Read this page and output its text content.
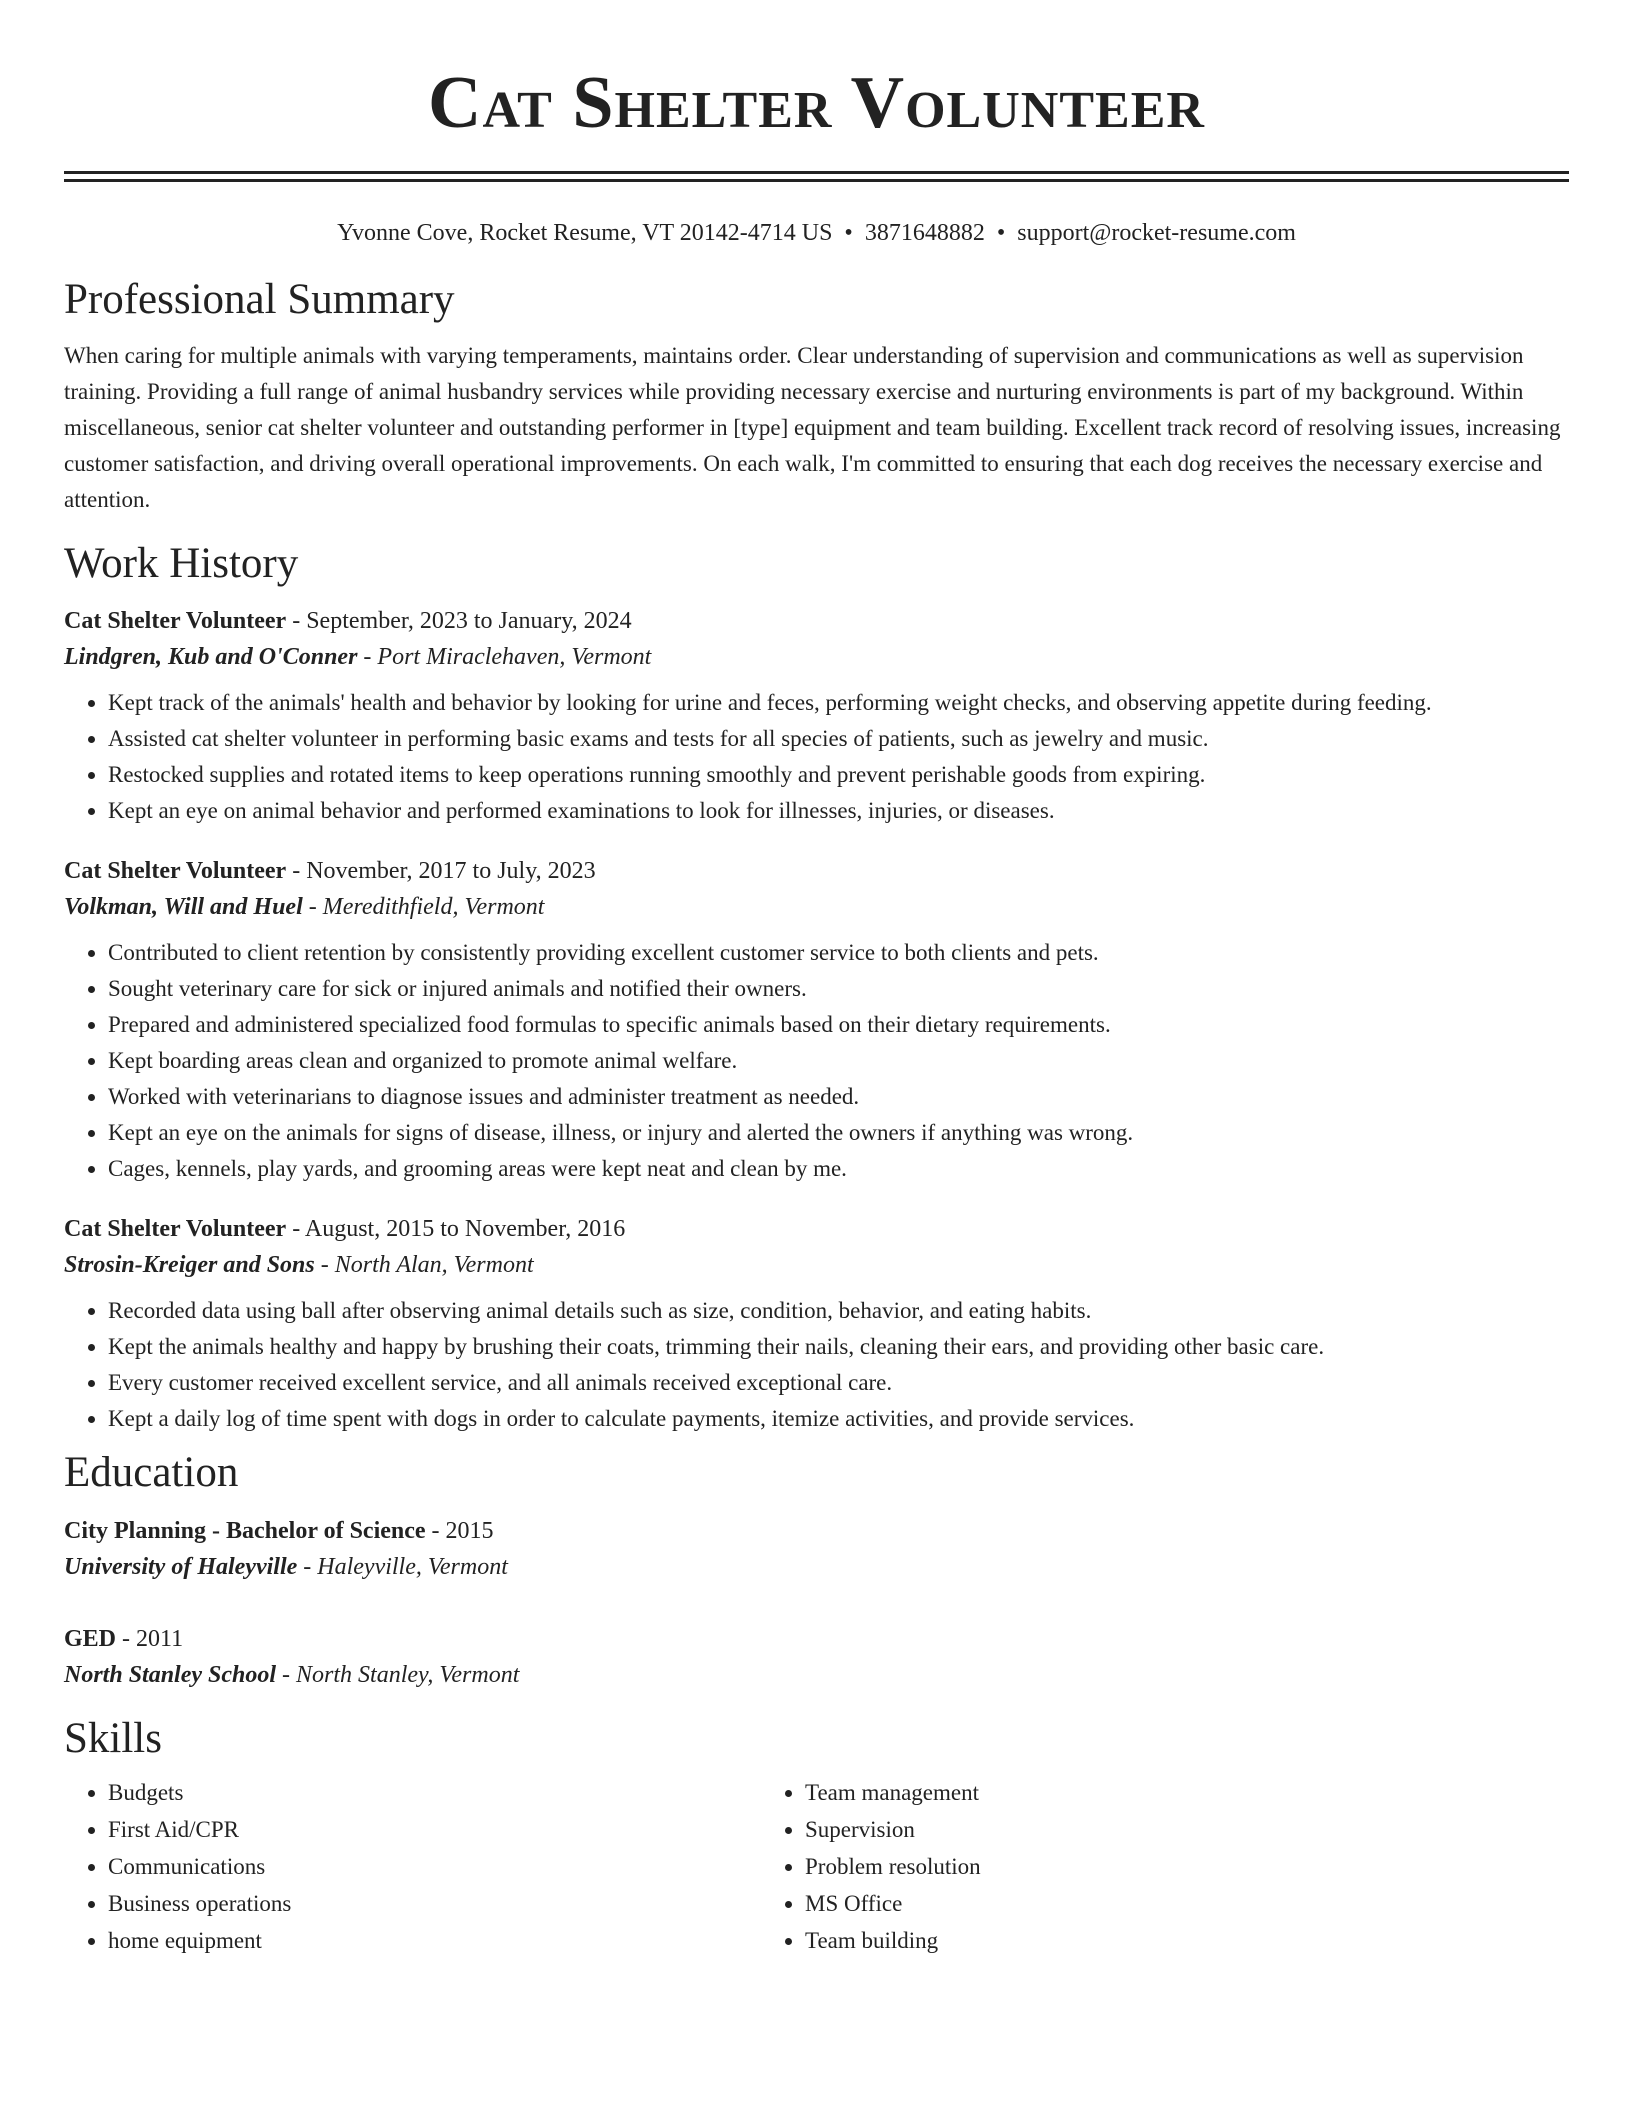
Cat Shelter Volunteer
Yvonne Cove, Rocket Resume, VT 20142-4714 US • 3871648882 • support@rocket-resume.com
Professional Summary

When caring for multiple animals with varying temperaments, maintains order. Clear understanding of supervision and communications as well as supervision training. Providing a full range of animal husbandry services while providing necessary exercise and nurturing environments is part of my background. Within miscellaneous, senior cat shelter volunteer and outstanding performer in [type] equipment and team building. Excellent track record of resolving issues, increasing customer satisfaction, and driving overall operational improvements. On each walk, I'm committed to ensuring that each dog receives the necessary exercise and attention.

Work History
Cat Shelter Volunteer - September, 2023 to January, 2024
Lindgren, Kub and O'Conner - Port Miraclehaven, Vermont
• Kept track of the animals' health and behavior by looking for urine and feces, performing weight checks, and observing appetite during feeding.
• Assisted cat shelter volunteer in performing basic exams and tests for all species of patients, such as jewelry and music.
• Restocked supplies and rotated items to keep operations running smoothly and prevent perishable goods from expiring.
• Kept an eye on animal behavior and performed examinations to look for illnesses, injuries, or diseases.
Cat Shelter Volunteer - November, 2017 to July, 2023
Volkman, Will and Huel - Meredithfield, Vermont
• Contributed to client retention by consistently providing excellent customer service to both clients and pets.
• Sought veterinary care for sick or injured animals and notified their owners.
• Prepared and administered specialized food formulas to specific animals based on their dietary requirements.
• Kept boarding areas clean and organized to promote animal welfare.
• Worked with veterinarians to diagnose issues and administer treatment as needed.
• Kept an eye on the animals for signs of disease, illness, or injury and alerted the owners if anything was wrong.
• Cages, kennels, play yards, and grooming areas were kept neat and clean by me.
Cat Shelter Volunteer - August, 2015 to November, 2016
Strosin-Kreiger and Sons - North Alan, Vermont
• Recorded data using ball after observing animal details such as size, condition, behavior, and eating habits.
• Kept the animals healthy and happy by brushing their coats, trimming their nails, cleaning their ears, and providing other basic care.
• Every customer received excellent service, and all animals received exceptional care.
• Kept a daily log of time spent with dogs in order to calculate payments, itemize activities, and provide services.
Education
City Planning - Bachelor of Science - 2015
University of Haleyville - Haleyville, Vermont
GED - 2011
North Stanley School - North Stanley, Vermont
Skills
• Budgets
• First Aid/CPR
• Communications
• Business operations
• home equipment
• Team management
• Supervision
• Problem resolution
• MS Office
• Team building
